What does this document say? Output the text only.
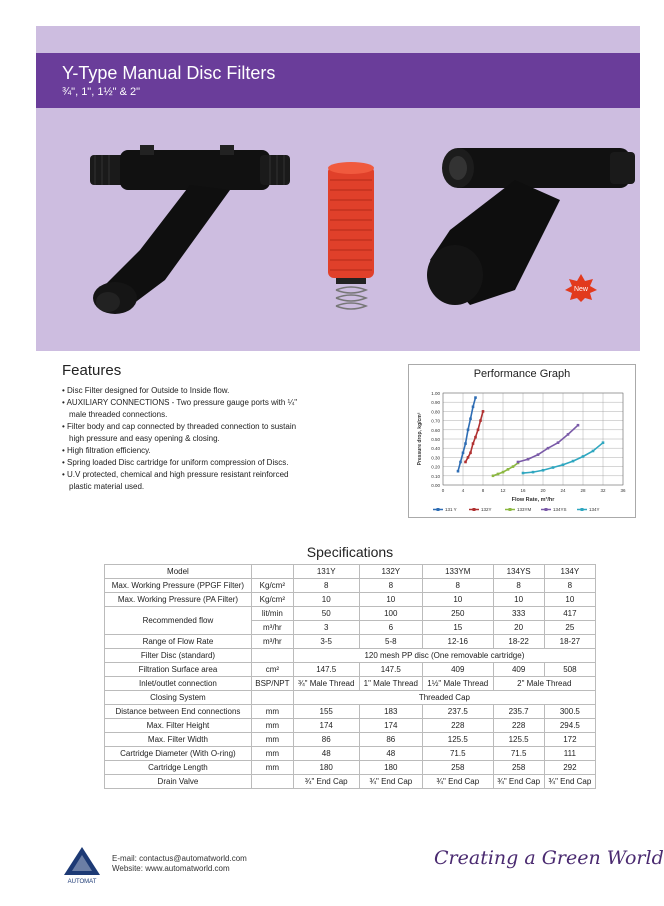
Y-Type Manual Disc Filters
¾", 1", 1½" & 2"
New
Features
• Disc Filter designed for Outside to Inside flow.
• AUXILIARY CONNECTIONS - Two pressure gauge ports with ¼" male threaded connections.
• Filter body and cap connected by threaded connection to sustain high pressure and easy opening & closing.
• High filtration efficiency.
• Spring loaded Disc cartridge for uniform compression of Discs.
• U.V protected, chemical and high pressure resistant reinforced plastic material used.
Performance Graph
0.00
0.10
0.20
0.30
0.40
0.50
0.60
0.70
0.80
0.90
1.00
0	4	8	12	16	20	24	28	32	36
Flow Rate, m³/hr
Pressure drop, kg/cm²
131 Y	132Y	133YM	134YS	134Y
Specifications
Model		131Y	132Y	133YM	134YS	134Y
Max. Working Pressure (PPGF Filter)	Kg/cm²	8	8	8	8	8
Max. Working Pressure (PA Filter)	Kg/cm²	10	10	10	10	10
Recommended flow	lit/min	50	100	250	333	417
	m³/hr	3	6	15	20	25
Range of Flow Rate	m³/hr	3-5	5-8	12-16	18-22	18-27
Filter Disc (standard)		120 mesh PP disc (One removable cartridge)				
Filtration Surface area	cm²	147.5	147.5	409	409	508
Inlet/outlet connection	BSP/NPT	¾" Male Thread	1" Male Thread	1½" Male Thread	2" Male Thread	
Closing System		Threaded Cap				
Distance between End connections	mm	155	183	237.5	235.7	300.5
Max. Filter Height	mm	174	174	228	228	294.5
Max. Filter Width	mm	86	86	125.5	125.5	172
Cartridge Diameter (With O-ring)	mm	48	48	71.5	71.5	111
Cartridge Length	mm	180	180	258	258	292
Drain Valve		¾" End Cap	¾" End Cap	¾" End Cap	¾" End Cap	¾" End Cap
AUTOMAT
E-mail: contactus@automatworld.com
Website: www.automatworld.com	Creating a Green World
